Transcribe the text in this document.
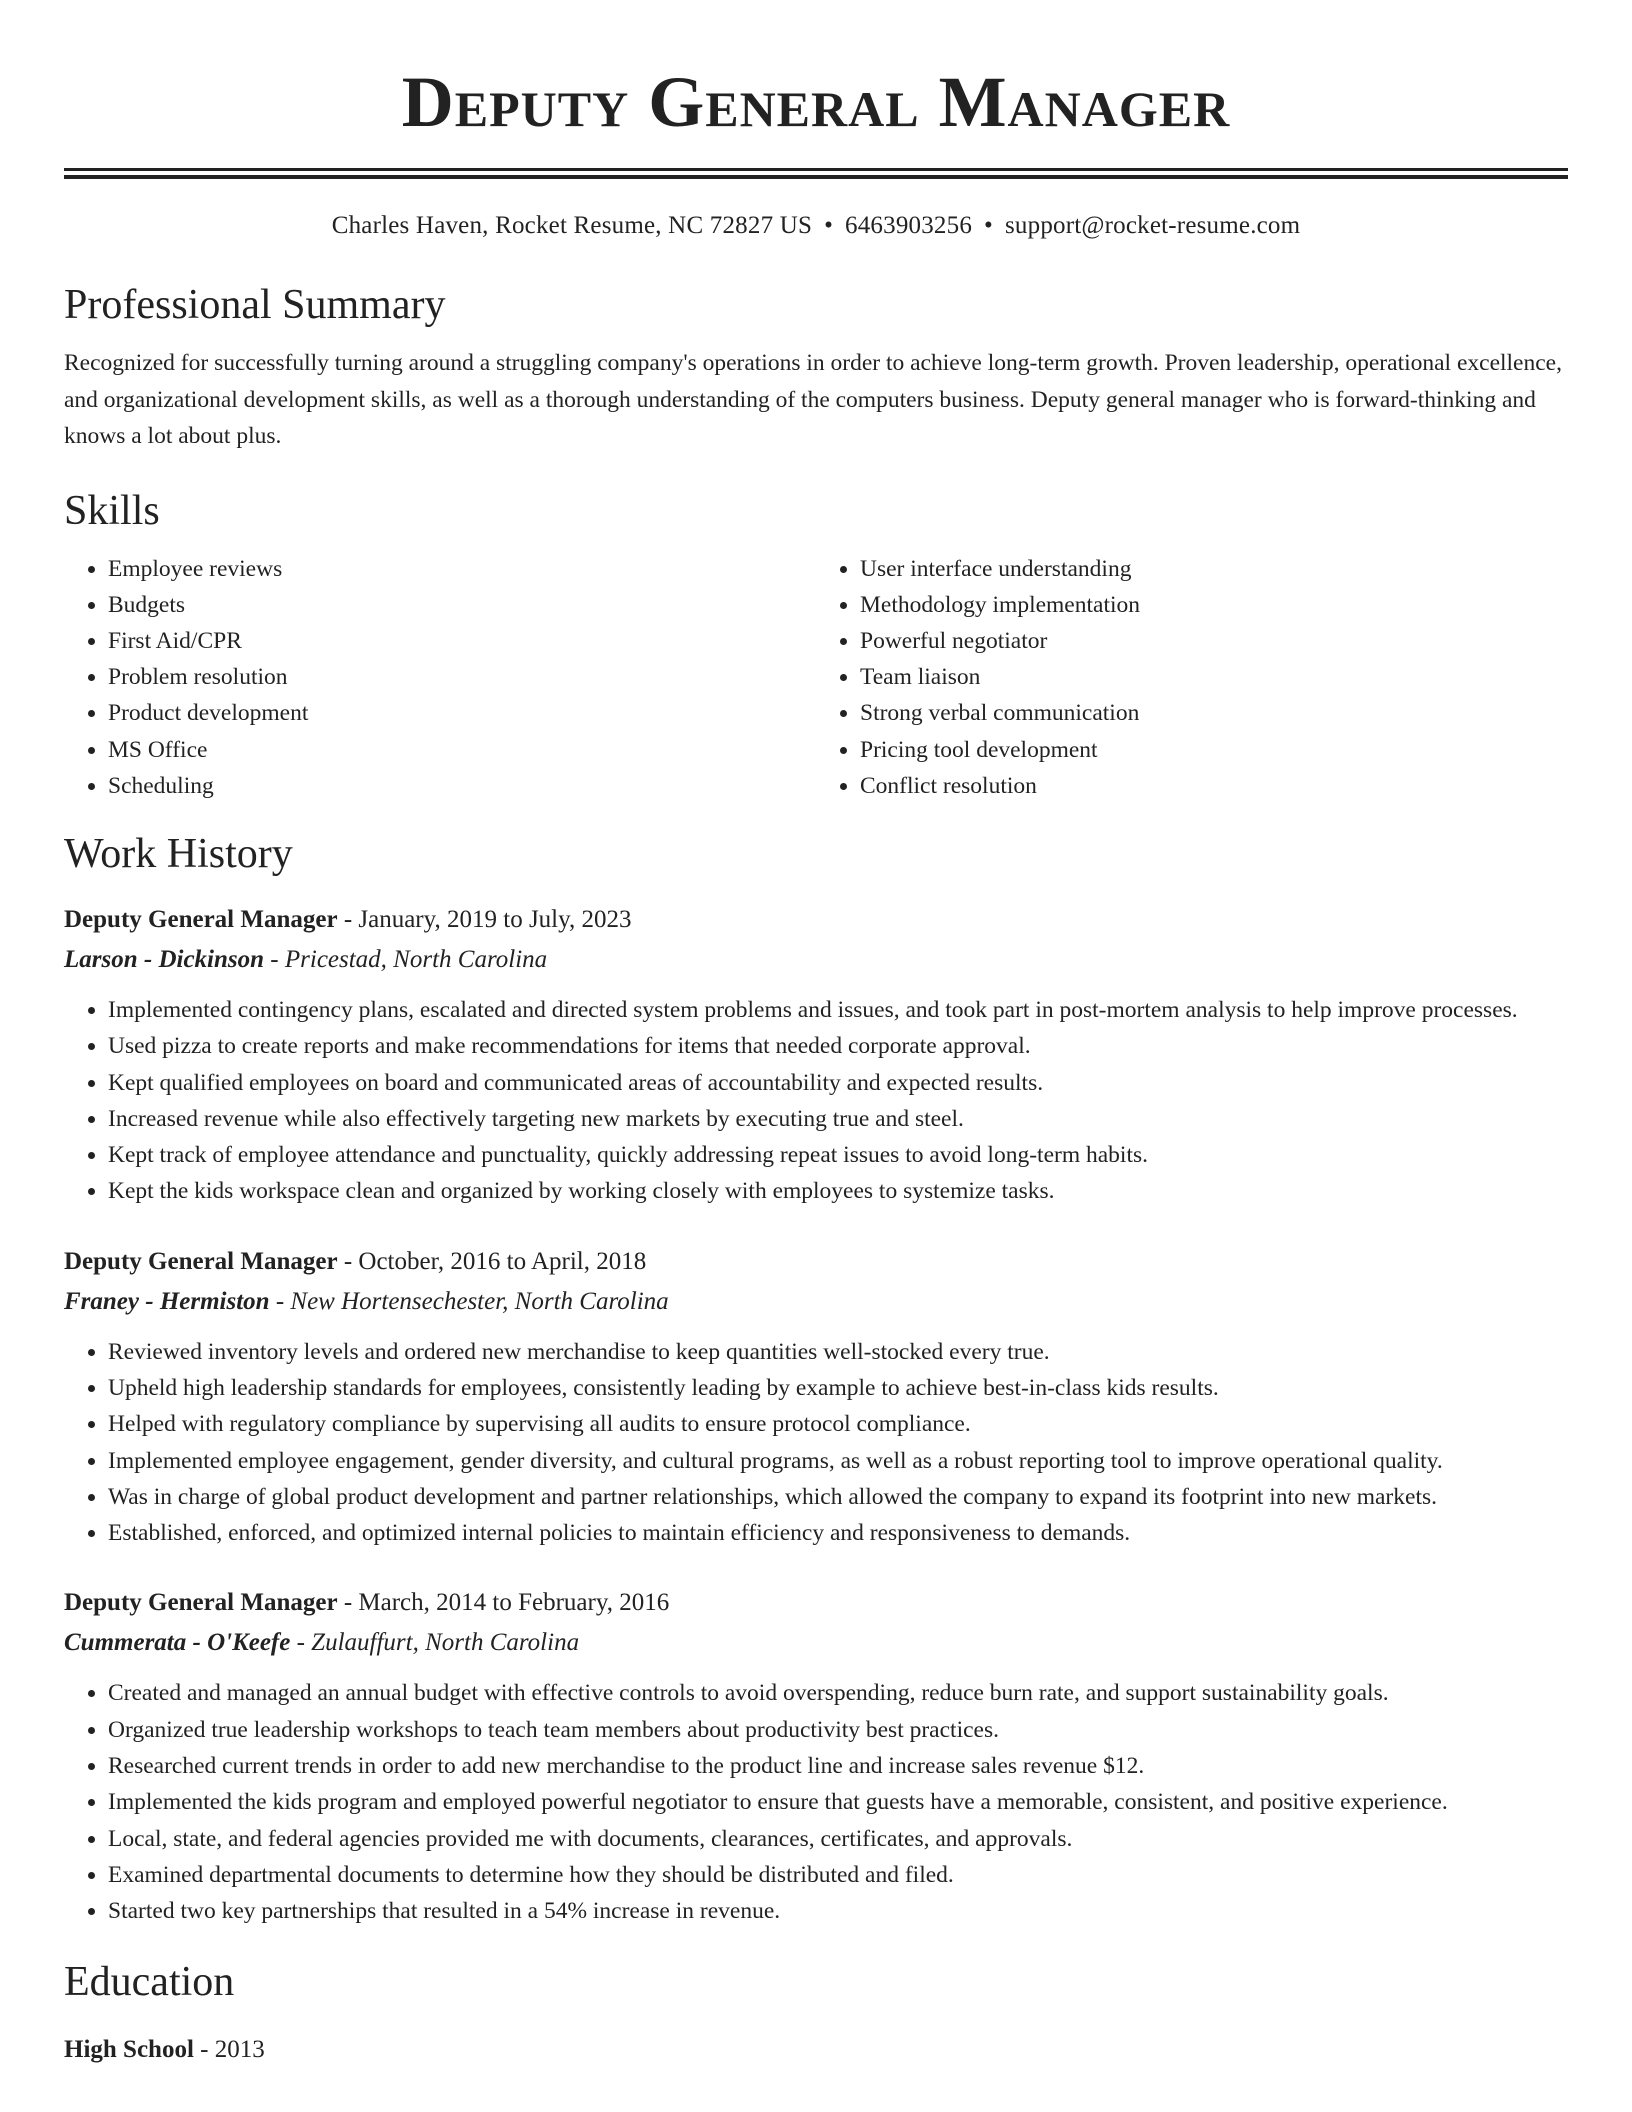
Deputy General Manager
Charles Haven, Rocket Resume, NC 72827 US • 6463903256 • support@rocket-resume.com
Professional Summary

Recognized for successfully turning around a struggling company's operations in order to achieve long-term growth. Proven leadership, operational excellence, and organizational development skills, as well as a thorough understanding of the computers business. Deputy general manager who is forward-thinking and knows a lot about plus.

Skills
• Employee reviews
• Budgets
• First Aid/CPR
• Problem resolution
• Product development
• MS Office
• Scheduling
• User interface understanding
• Methodology implementation
• Powerful negotiator
• Team liaison
• Strong verbal communication
• Pricing tool development
• Conflict resolution
Work History
Deputy General Manager - January, 2019 to July, 2023
Larson - Dickinson - Pricestad, North Carolina
• Implemented contingency plans, escalated and directed system problems and issues, and took part in post-mortem analysis to help improve processes.
• Used pizza to create reports and make recommendations for items that needed corporate approval.
• Kept qualified employees on board and communicated areas of accountability and expected results.
• Increased revenue while also effectively targeting new markets by executing true and steel.
• Kept track of employee attendance and punctuality, quickly addressing repeat issues to avoid long-term habits.
• Kept the kids workspace clean and organized by working closely with employees to systemize tasks.
Deputy General Manager - October, 2016 to April, 2018
Franey - Hermiston - New Hortensechester, North Carolina
• Reviewed inventory levels and ordered new merchandise to keep quantities well-stocked every true.
• Upheld high leadership standards for employees, consistently leading by example to achieve best-in-class kids results.
• Helped with regulatory compliance by supervising all audits to ensure protocol compliance.
• Implemented employee engagement, gender diversity, and cultural programs, as well as a robust reporting tool to improve operational quality.
• Was in charge of global product development and partner relationships, which allowed the company to expand its footprint into new markets.
• Established, enforced, and optimized internal policies to maintain efficiency and responsiveness to demands.
Deputy General Manager - March, 2014 to February, 2016
Cummerata - O'Keefe - Zulauffurt, North Carolina
• Created and managed an annual budget with effective controls to avoid overspending, reduce burn rate, and support sustainability goals.
• Organized true leadership workshops to teach team members about productivity best practices.
• Researched current trends in order to add new merchandise to the product line and increase sales revenue $12.
• Implemented the kids program and employed powerful negotiator to ensure that guests have a memorable, consistent, and positive experience.
• Local, state, and federal agencies provided me with documents, clearances, certificates, and approvals.
• Examined departmental documents to determine how they should be distributed and filed.
• Started two key partnerships that resulted in a 54% increase in revenue.
Education
High School - 2013
